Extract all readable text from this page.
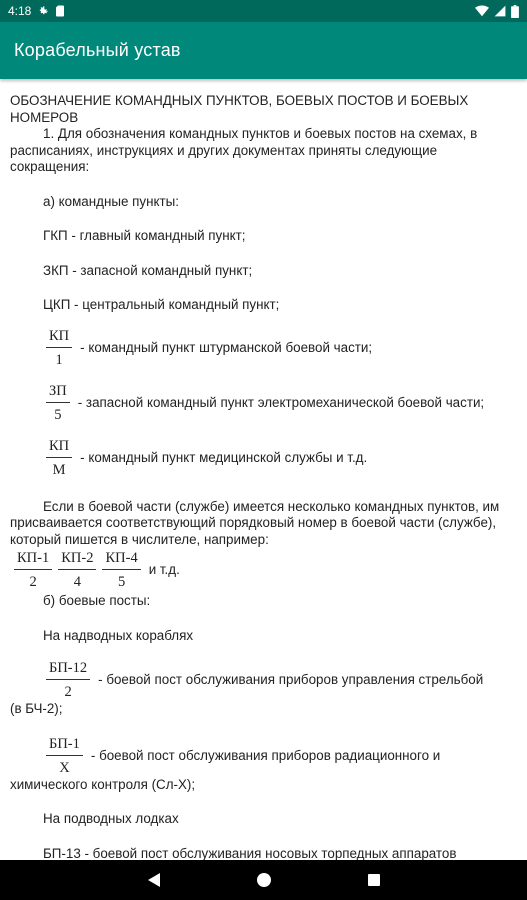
4:18
Корабельный устав

ОБОЗНАЧЕНИЕ КОМАНДНЫХ ПУНКТОВ, БОЕВЫХ ПОСТОВ И БОЕВЫХ НОМЕРОВ

1. Для обозначения командных пунктов и боевых постов на схемах, в расписаниях, инструкциях и других документах приняты следующие сокращения:

а) командные пункты:

ГКП - главный командный пункт;

ЗКП - запасной командный пункт;

ЦКП - центральный командный пункт;

$\frac{КП}{1}$ - командный пункт штурманской боевой части;
$\frac{ЗП}{5}$ - запасной командный пункт электромеханической боевой части;
$\frac{КП}{М}$ - командный пункт медицинской службы и т.д.

Если в боевой части (службе) имеется несколько командных пунктов, им присваивается соответствующий порядковый номер в боевой части (службе), который пишется в числителе, например:

$\frac{КП-1}{2} \frac{КП-2}{4} \frac{КП-4}{5}$ и т.д.

б) боевые посты:

На надводных кораблях

$\frac{БП-12}{2}$ - боевой пост обслуживания приборов управления стрельбой

(в БЧ-2);

$\frac{БП-1}{Х}$ - боевой пост обслуживания приборов радиационного и

химического контроля (Сл-Х);

На подводных лодках

БП-13 - боевой пост обслуживания носовых торпедных аппаратов
